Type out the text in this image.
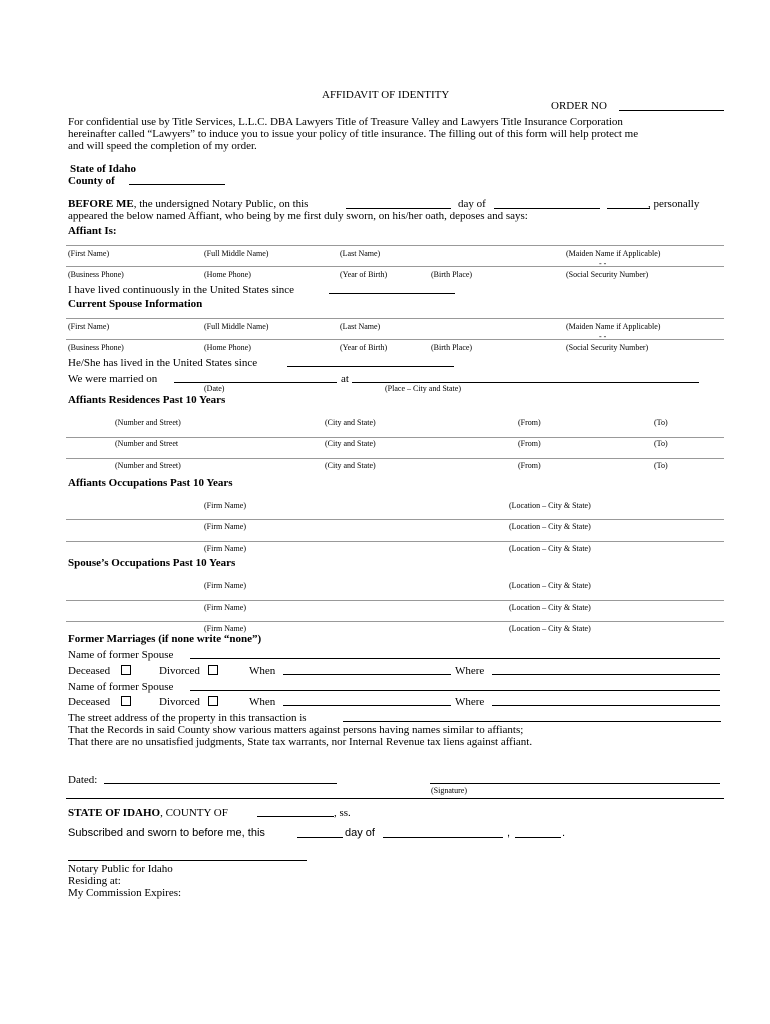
AFFIDAVIT OF IDENTITY
ORDER NO
For confidential use by Title Services, L.L.C. DBA Lawyers Title of Treasure Valley and Lawyers Title Insurance Corporation
hereinafter called “Lawyers” to induce you to issue your policy of title insurance. The filling out of this form will help protect me
and will speed the completion of my order.
State of Idaho
County of
BEFORE ME, the undersigned Notary Public, on this	day of	, personally
appeared the below named Affiant, who being by me first duly sworn, on his/her oath, deposes and says:
Affiant Is:
(First Name)	(Full Middle Name)	(Last Name)	(Maiden Name if Applicable)
- -
(Business Phone)	(Home Phone)	(Year of Birth)	(Birth Place)	(Social Security Number)
I have lived continuously in the United States since
Current Spouse Information
(First Name)	(Full Middle Name)	(Last Name)	(Maiden Name if Applicable)
- -
(Business Phone)	(Home Phone)	(Year of Birth)	(Birth Place)	(Social Security Number)
He/She has lived in the United States since
We were married on	at
(Date)	(Place – City and State)
Affiants Residences Past 10 Years
(Number and Street)	(City and State)	(From)	(To)
(Number and Street	(City and State)	(From)	(To)
(Number and Street)	(City and State)	(From)	(To)
Affiants Occupations Past 10 Years
(Firm Name)	(Location – City & State)
(Firm Name)	(Location – City & State)
(Firm Name)	(Location – City & State)
Spouse’s Occupations Past 10 Years
(Firm Name)	(Location – City & State)
(Firm Name)	(Location – City & State)
(Firm Name)	(Location – City & State)
Former Marriages (if none write “none”)
Name of former Spouse
Deceased	Divorced	When	Where
Name of former Spouse
Deceased	Divorced	When	Where
The street address of the property in this transaction is
That the Records in said County show various matters against persons having names similar to affiants;
That there are no unsatisfied judgments, State tax warrants, nor Internal Revenue tax liens against affiant.
Dated:
(Signature)
STATE OF IDAHO, COUNTY OF	, ss.
Subscribed and sworn to before me, this	day of	,	.
Notary Public for Idaho
Residing at:
My Commission Expires:
